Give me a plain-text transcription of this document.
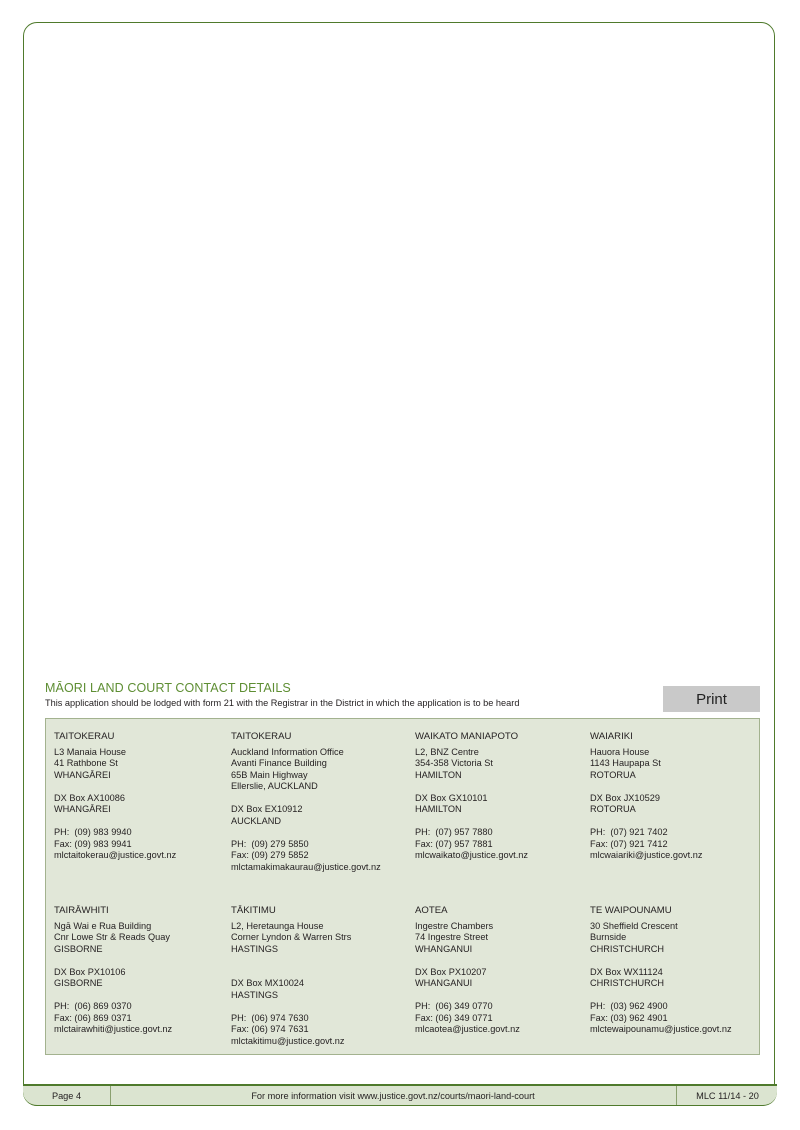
MĀORI LAND COURT CONTACT DETAILS
This application should be lodged with form 21 with the Registrar in the District in which the application is to be heard	Print
TAITOKERAU
L3 Manaia House
41 Rathbone St
WHANGĀREI
DX Box AX10086
WHANGĀREI
PH:  (09) 983 9940
Fax: (09) 983 9941
mlctaitokerau@justice.govt.nz
TAITOKERAU
Auckland Information Office
Avanti Finance Building
65B Main Highway
Ellerslie, AUCKLAND
DX Box EX10912
AUCKLAND
PH:  (09) 279 5850
Fax: (09) 279 5852
mlctamakimakaurau@justice.govt.nz
WAIKATO MANIAPOTO
L2, BNZ Centre
354-358 Victoria St
HAMILTON
DX Box GX10101
HAMILTON
PH:  (07) 957 7880
Fax: (07) 957 7881
mlcwaikato@justice.govt.nz
WAIARIKI
Hauora House
1143 Haupapa St
ROTORUA
DX Box JX10529
ROTORUA
PH:  (07) 921 7402
Fax: (07) 921 7412
mlcwaiariki@justice.govt.nz
TAIRĀWHITI
Ngā Wai e Rua Building
Cnr Lowe Str & Reads Quay
GISBORNE
DX Box PX10106
GISBORNE
PH:  (06) 869 0370
Fax: (06) 869 0371
mlctairawhiti@justice.govt.nz
TĀKITIMU
L2, Heretaunga House
Corner Lyndon & Warren Strs
HASTINGS
DX Box MX10024
HASTINGS
PH:  (06) 974 7630
Fax: (06) 974 7631
mlctakitimu@justice.govt.nz
AOTEA
Ingestre Chambers
74 Ingestre Street
WHANGANUI
DX Box PX10207
WHANGANUI
PH:  (06) 349 0770
Fax: (06) 349 0771
mlcaotea@justice.govt.nz
TE WAIPOUNAMU
30 Sheffield Crescent
Burnside
CHRISTCHURCH
DX Box WX11124
CHRISTCHURCH
PH:  (03) 962 4900
Fax: (03) 962 4901
mlctewaipounamu@justice.govt.nz
Page 4	For more information visit www.justice.govt.nz/courts/maori-land-court	MLC 11/14 - 20
